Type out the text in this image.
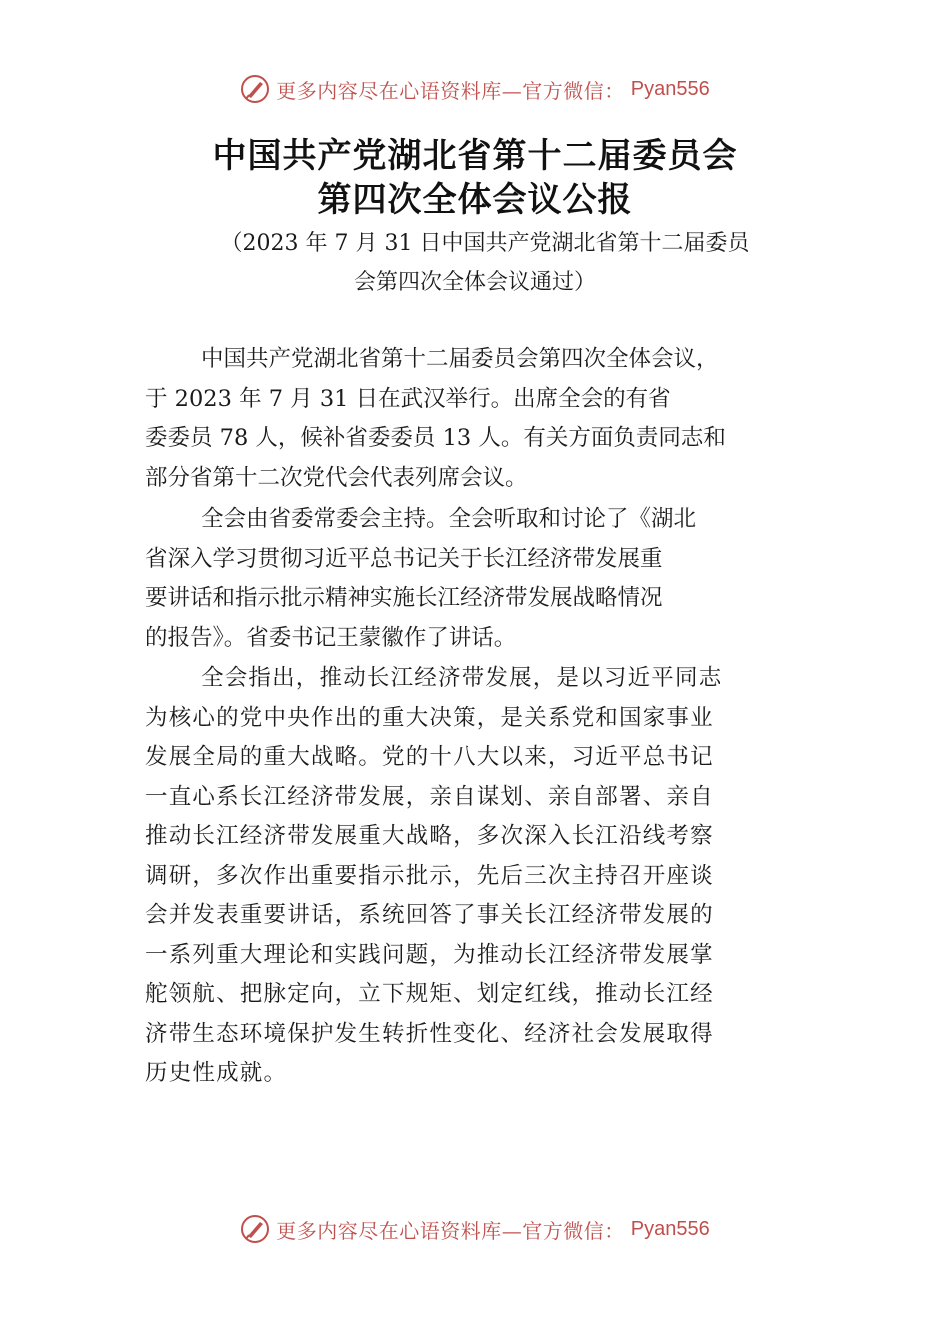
更多内容尽在心语资料库—官方微信： Pyan556
中国共产党湖北省第十二届委员会
第四次全体会议公报
（2023 年 7 月 31 日中国共产党湖北省第十二届委员
会第四次全体会议通过）
中国共产党湖北省第十二届委员会第四次全体会议，
于 2023 年 7 月 31 日在武汉举行。出席全会的有省
委委员 78 人，候补省委委员 13 人。有关方面负责同志和
部分省第十二次党代会代表列席会议。
全会由省委常委会主持。全会听取和讨论了《湖北
省深入学习贯彻习近平总书记关于长江经济带发展重
要讲话和指示批示精神实施长江经济带发展战略情况
的报告》。省委书记王蒙徽作了讲话。
全会指出，推动长江经济带发展，是以习近平同志
为核心的党中央作出的重大决策，是关系党和国家事业
发展全局的重大战略。党的十八大以来，习近平总书记
一直心系长江经济带发展，亲自谋划、亲自部署、亲自
推动长江经济带发展重大战略，多次深入长江沿线考察
调研，多次作出重要指示批示，先后三次主持召开座谈
会并发表重要讲话，系统回答了事关长江经济带发展的
一系列重大理论和实践问题，为推动长江经济带发展掌
舵领航、把脉定向，立下规矩、划定红线，推动长江经
济带生态环境保护发生转折性变化、经济社会发展取得
历史性成就。
更多内容尽在心语资料库—官方微信： Pyan556
